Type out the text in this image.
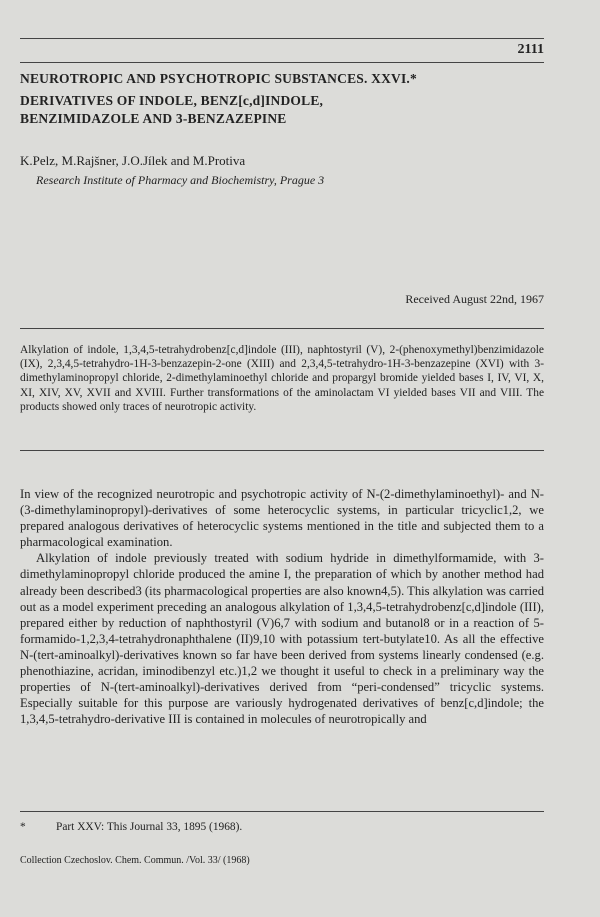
2111
NEUROTROPIC AND PSYCHOTROPIC SUBSTANCES. XXVI.*
DERIVATIVES OF INDOLE, BENZ[c,d]INDOLE,
BENZIMIDAZOLE AND 3-BENZAZEPINE
K.Pelz, M.Rajšner, J.O.Jílek and M.Protiva
Research Institute of Pharmacy and Biochemistry, Prague 3
Received August 22nd, 1967
Alkylation of indole, 1,3,4,5-tetrahydrobenz[c,d]indole (III), naphtostyril (V), 2-(phenoxymethyl)benzimidazole (IX), 2,3,4,5-tetrahydro-1H-3-benzazepin-2-one (XIII) and 2,3,4,5-tetrahydro-1H-3-benzazepine (XVI) with 3-dimethylaminopropyl chloride, 2-dimethylaminoethyl chloride and propargyl bromide yielded bases I, IV, VI, X, XI, XIV, XV, XVII and XVIII. Further transformations of the aminolactam VI yielded bases VII and VIII. The products showed only traces of neurotropic activity.

In view of the recognized neurotropic and psychotropic activity of N-(2-dimethylaminoethyl)- and N-(3-dimethylaminopropyl)-derivatives of some heterocyclic systems, in particular tricyclic1,2, we prepared analogous derivatives of heterocyclic systems mentioned in the title and subjected them to a pharmacological examination.

Alkylation of indole previously treated with sodium hydride in dimethylformamide, with 3-dimethylaminopropyl chloride produced the amine I, the preparation of which by another method had already been described3 (its pharmacological properties are also known4,5). This alkylation was carried out as a model experiment preceding an analogous alkylation of 1,3,4,5-tetrahydrobenz[c,d]indole (III), prepared either by reduction of naphthostyril (V)6,7 with sodium and butanol8 or in a reaction of 5-formamido-1,2,3,4-tetrahydronaphthalene (II)9,10 with potassium tert-butylate10. As all the effective N-(tert-aminoalkyl)-derivatives known so far have been derived from systems linearly condensed (e.g. phenothiazine, acridan, iminodibenzyl etc.)1,2 we thought it useful to check in a preliminary way the properties of N-(tert-aminoalkyl)-derivatives derived from “peri-condensed” tricyclic systems. Especially suitable for this purpose are variously hydrogenated derivatives of benz[c,d]indole; the 1,3,4,5-tetrahydro-derivative III is contained in molecules of neurotropically and

*	Part XXV: This Journal 33, 1895 (1968).
Collection Czechoslov. Chem. Commun. /Vol. 33/ (1968)
